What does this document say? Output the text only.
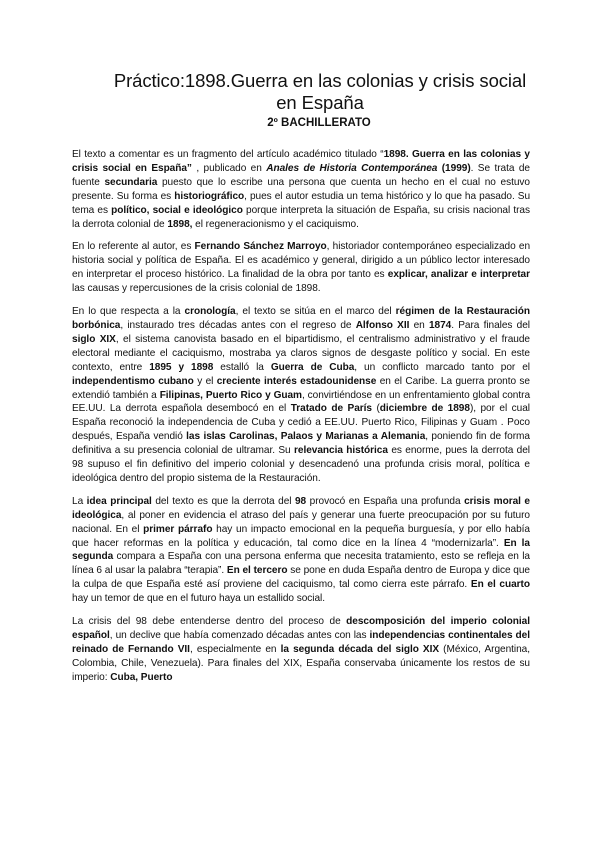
Práctico:1898.Guerra en las colonias y crisis social en España
2º BACHILLERATO

El texto a comentar es un fragmento del artículo académico titulado “1898. Guerra en las colonias y crisis social en España” , publicado en Anales de Historia Contemporánea (1999). Se trata de fuente secundaria puesto que lo escribe una persona que cuenta un hecho en el cual no estuvo presente. Su forma es historiográfico, pues el autor estudia un tema histórico y lo que ha pasado. Su tema es político, social e ideológico porque interpreta la situación de España, su crisis nacional tras la derrota colonial de 1898, el regeneracionismo y el caciquismo.

En lo referente al autor, es Fernando Sánchez Marroyo, historiador contemporáneo especializado en historia social y política de España. El es académico y general, dirigido a un público lector interesado en interpretar el proceso histórico. La finalidad de la obra por tanto es explicar, analizar e interpretar las causas y repercusiones de la crisis colonial de 1898.

En lo que respecta a la cronología, el texto se sitúa en el marco del régimen de la Restauración borbónica, instaurado tres décadas antes con el regreso de Alfonso XII en 1874. Para finales del siglo XIX, el sistema canovista basado en el bipartidismo, el centralismo administrativo y el fraude electoral mediante el caciquismo, mostraba ya claros signos de desgaste político y social. En este contexto, entre 1895 y 1898 estalló la Guerra de Cuba, un conflicto marcado tanto por el independentismo cubano y el creciente interés estadounidense en el Caribe. La guerra pronto se extendió también a Filipinas, Puerto Rico y Guam, convirtiéndose en un enfrentamiento global contra EE.UU. La derrota española desembocó en el Tratado de París (diciembre de 1898), por el cual España reconoció la independencia de Cuba y cedió a EE.UU. Puerto Rico, Filipinas y Guam . Poco después, España vendió las islas Carolinas, Palaos y Marianas a Alemania, poniendo fin de forma definitiva a su presencia colonial de ultramar. Su relevancia histórica es enorme, pues la derrota del 98 supuso el fin definitivo del imperio colonial y desencadenó una profunda crisis moral, política e ideológica dentro del propio sistema de la Restauración.

La idea principal del texto es que la derrota del 98 provocó en España una profunda crisis moral e ideológica, al poner en evidencia el atraso del país y generar una fuerte preocupación por su futuro nacional. En el primer párrafo hay un impacto emocional en la pequeña burguesía, y por ello había que hacer reformas en la política y educación, tal como dice en la línea 4 “modernizarla”. En la segunda compara a España con una persona enferma que necesita tratamiento, esto se refleja en la línea 6 al usar la palabra “terapia”. En el tercero se pone en duda España dentro de Europa y dice que la culpa de que España esté así proviene del caciquismo, tal como cierra este párrafo. En el cuarto hay un temor de que en el futuro haya un estallido social.

La crisis del 98 debe entenderse dentro del proceso de descomposición del imperio colonial español, un declive que había comenzado décadas antes con las independencias continentales del reinado de Fernando VII, especialmente en la segunda década del siglo XIX (México, Argentina, Colombia, Chile, Venezuela). Para finales del XIX, España conservaba únicamente los restos de su imperio: Cuba, Puerto
